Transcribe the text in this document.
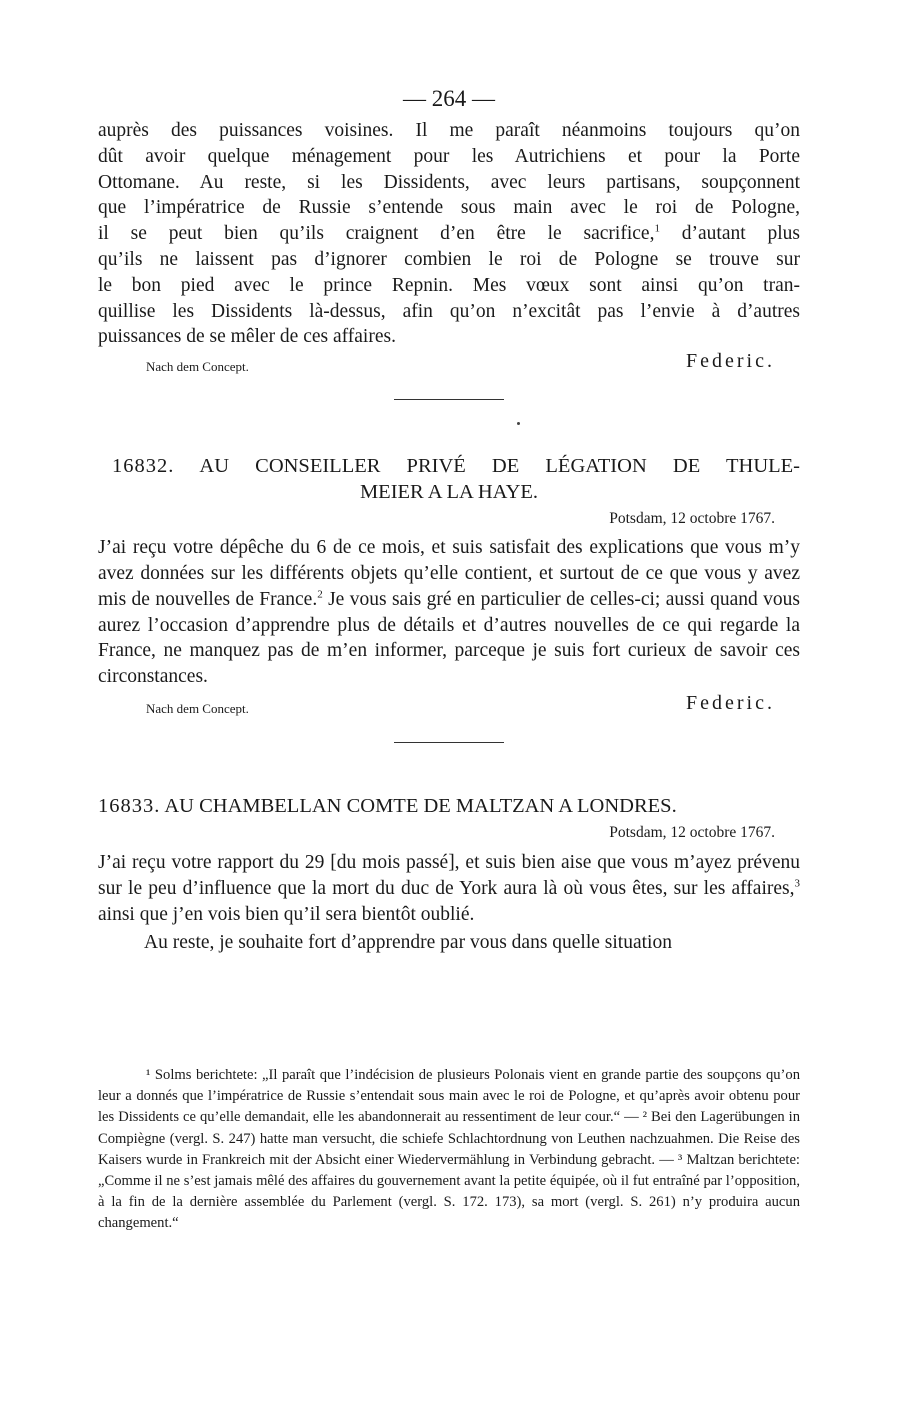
— 264 —
auprès des puissances voisines. Il me paraît néanmoins toujours qu’on
dût avoir quelque ménagement pour les Autrichiens et pour la Porte
Ottomane. Au reste, si les Dissidents, avec leurs partisans, soupçonnent
que l’impératrice de Russie s’entende sous main avec le roi de Pologne,
il se peut bien qu’ils craignent d’en être le sacrifice,$^1$ d’autant plus
qu’ils ne laissent pas d’ignorer combien le roi de Pologne se trouve sur
le bon pied avec le prince Repnin. Mes vœux sont ainsi qu’on tran-
quillise les Dissidents là-dessus, afin qu’on n’excitât pas l’envie à d’autres
puissances de se mêler de ces affaires.
Nach dem Concept.	Federic.
16832. AU CONSEILLER PRIVÉ DE LÉGATION DE THULE-
MEIER A LA HAYE.
Potsdam, 12 octobre 1767.

J’ai reçu votre dépêche du 6 de ce mois, et suis satisfait des explications que vous m’y avez données sur les différents objets qu’elle contient, et surtout de ce que vous y avez mis de nouvelles de France.$^2$ Je vous sais gré en particulier de celles-ci; aussi quand vous aurez l’occasion d’apprendre plus de détails et d’autres nouvelles de ce qui regarde la France, ne manquez pas de m’en informer, parceque je suis fort curieux de savoir ces circonstances.

Nach dem Concept.	Federic.
16833. AU CHAMBELLAN COMTE DE MALTZAN A LONDRES.
Potsdam, 12 octobre 1767.

J’ai reçu votre rapport du 29 [du mois passé], et suis bien aise que vous m’ayez prévenu sur le peu d’influence que la mort du duc de York aura là où vous êtes, sur les affaires,$^3$ ainsi que j’en vois bien qu’il sera bientôt oublié.

Au reste, je souhaite fort d’apprendre par vous dans quelle situation

¹ Solms berichtete: „Il paraît que l’indécision de plusieurs Polonais vient en grande partie des soupçons qu’on leur a donnés que l’impératrice de Russie s’entendait sous main avec le roi de Pologne, et qu’après avoir obtenu pour les Dissidents ce qu’elle demandait, elle les abandonnerait au ressentiment de leur cour.“ — ² Bei den Lagerübungen in Compiègne (vergl. S. 247) hatte man versucht, die schiefe Schlachtordnung von Leuthen nachzuahmen. Die Reise des Kaisers wurde in Frankreich mit der Absicht einer Wiedervermählung in Verbindung gebracht. — ³ Maltzan berichtete: „Comme il ne s’est jamais mêlé des affaires du gouvernement avant la petite équipée, où il fut entraîné par l’opposition, à la fin de la dernière assemblée du Parlement (vergl. S. 172. 173), sa mort (vergl. S. 261) n’y produira aucun changement.“
